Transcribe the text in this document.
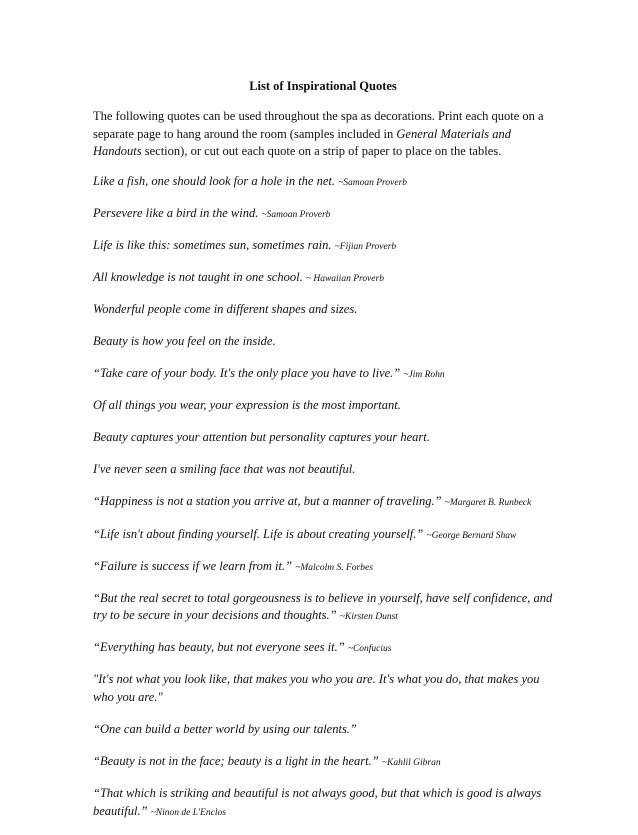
List of Inspirational Quotes

The following quotes can be used throughout the spa as decorations. Print each quote on a separate page to hang around the room (samples included in General Materials and Handouts section), or cut out each quote on a strip of paper to place on the tables.

Like a fish, one should look for a hole in the net. ~Samoan Proverb

Persevere like a bird in the wind. ~Samoan Proverb

Life is like this: sometimes sun, sometimes rain. ~Fijian Proverb

All knowledge is not taught in one school. ~ Hawaiian Proverb

Wonderful people come in different shapes and sizes.

Beauty is how you feel on the inside.

“Take care of your body. It's the only place you have to live.” ~Jim Rohn

Of all things you wear, your expression is the most important.

Beauty captures your attention but personality captures your heart.

I've never seen a smiling face that was not beautiful.

“Happiness is not a station you arrive at, but a manner of traveling.” ~Margaret B. Runbeck

“Life isn't about finding yourself. Life is about creating yourself.” ~George Bernard Shaw

“Failure is success if we learn from it.” ~Malcolm S. Forbes

“But the real secret to total gorgeousness is to believe in yourself, have self confidence, and try to be secure in your decisions and thoughts.” ~Kirsten Dunst

“Everything has beauty, but not everyone sees it.” ~Confucius

"It's not what you look like, that makes you who you are. It's what you do, that makes you who you are."

“One can build a better world by using our talents.”

“Beauty is not in the face; beauty is a light in the heart.” ~Kahlil Gibran

“That which is striking and beautiful is not always good, but that which is good is always beautiful.” ~Ninon de L'Enclos
